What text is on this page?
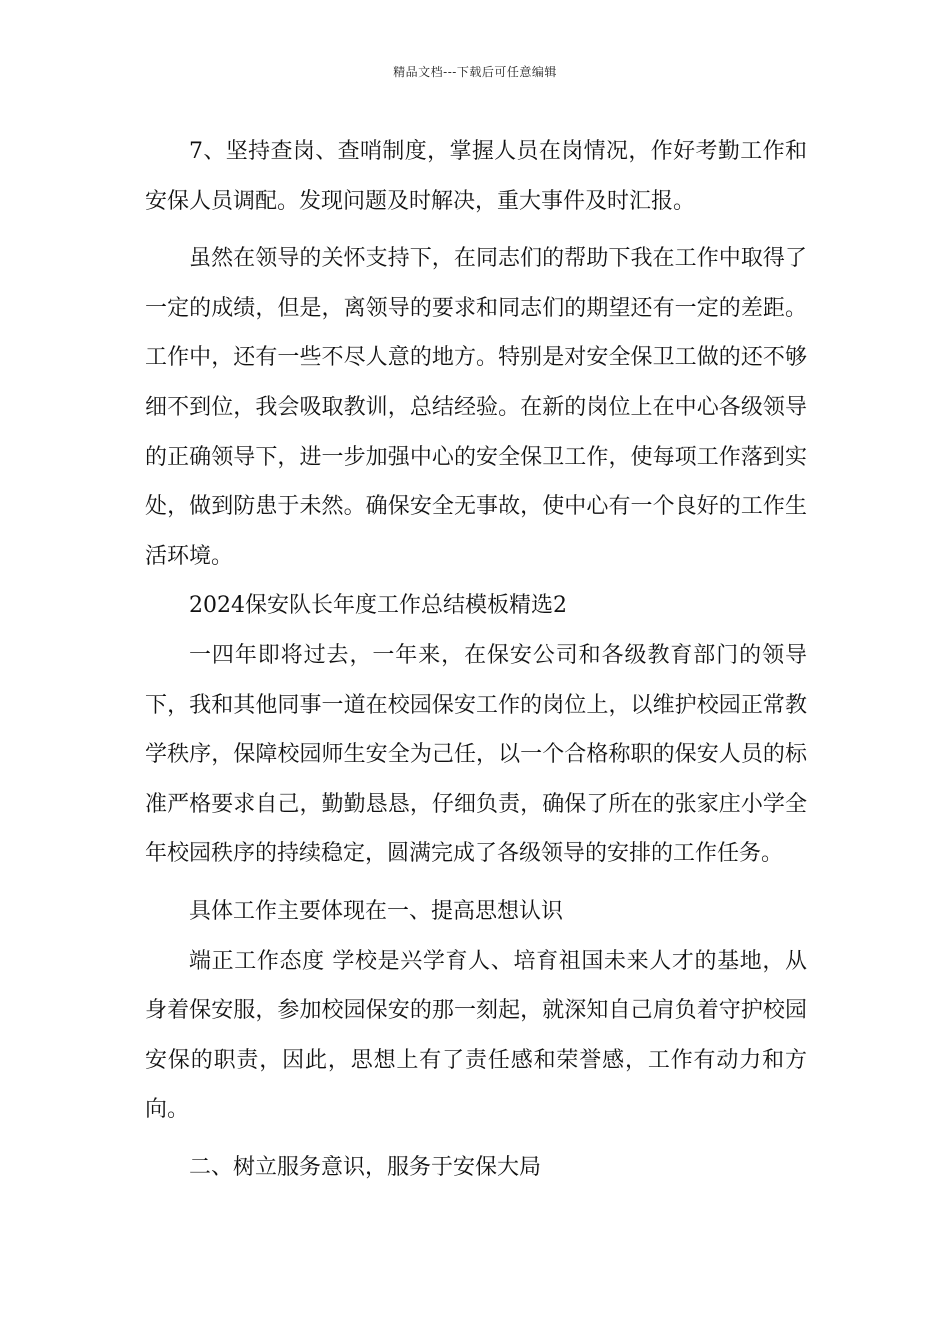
精品文档---下载后可任意编辑

7、坚持查岗、查哨制度，掌握人员在岗情况，作好考勤工作和安保人员调配。发现问题及时解决，重大事件及时汇报。

虽然在领导的关怀支持下，在同志们的帮助下我在工作中取得了一定的成绩，但是，离领导的要求和同志们的期望还有一定的差距。工作中，还有一些不尽人意的地方。特别是对安全保卫工做的还不够细不到位，我会吸取教训，总结经验。在新的岗位上在中心各级领导的正确领导下，进一步加强中心的安全保卫工作，使每项工作落到实处，做到防患于未然。确保安全无事故，使中心有一个良好的工作生活环境。

2024保安队长年度工作总结模板精选2

一四年即将过去，一年来，在保安公司和各级教育部门的领导下，我和其他同事一道在校园保安工作的岗位上，以维护校园正常教学秩序，保障校园师生安全为己任，以一个合格称职的保安人员的标准严格要求自己，勤勤恳恳，仔细负责，确保了所在的张家庄小学全年校园秩序的持续稳定，圆满完成了各级领导的安排的工作任务。

具体工作主要体现在一、提高思想认识

端正工作态度 学校是兴学育人、培育祖国未来人才的基地，从身着保安服，参加校园保安的那一刻起，就深知自己肩负着守护校园安保的职责，因此，思想上有了责任感和荣誉感，工作有动力和方向。

二、树立服务意识，服务于安保大局
